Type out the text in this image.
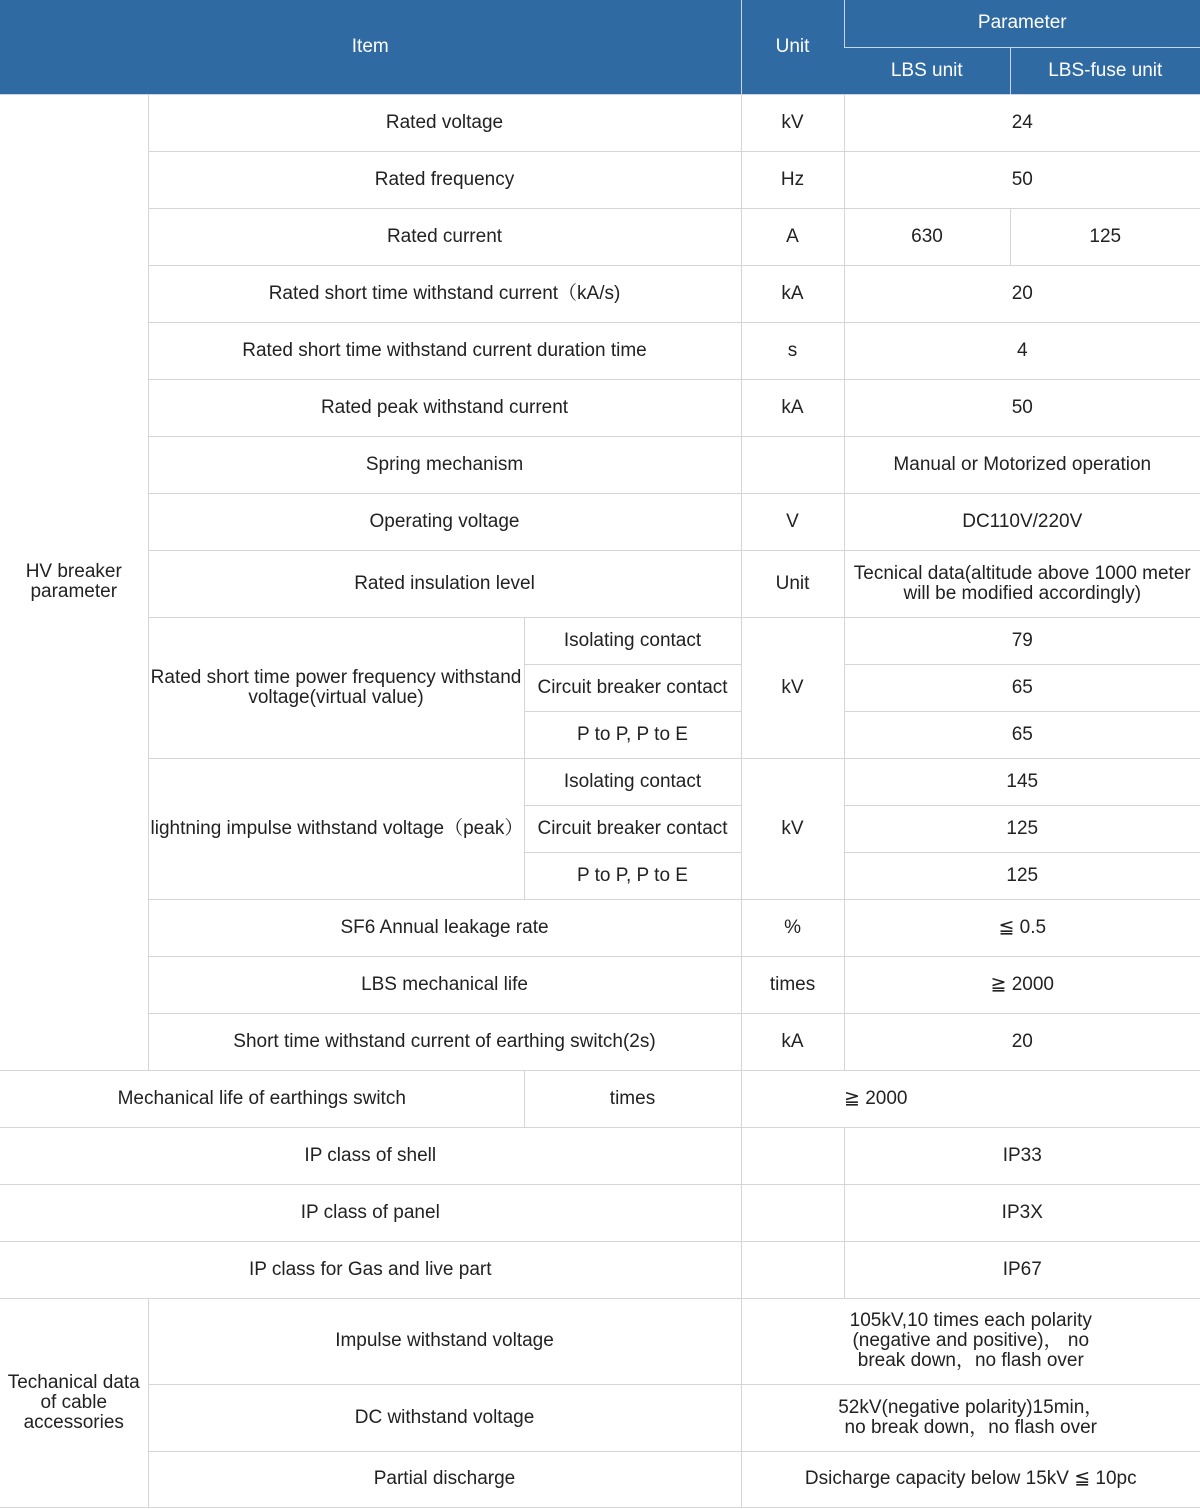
Item			Unit	Parameter	
				LBS unit	LBS-fuse unit
HV breaker parameter	Rated voltage		kV	24	
	Rated frequency		Hz	50	
	Rated current		A	630	125
	Rated short time withstand current（kA/s)		kA	20	
	Rated short time withstand current duration time		s	4	
	Rated peak withstand current		kA	50	
	Spring mechanism			Manual or Motorized operation	
	Operating voltage		V	DC110V/220V	
	Rated insulation level		Unit	Tecnical data(altitude above 1000 meter will be modified accordingly)	
	Rated short time power frequency withstand voltage(virtual value)	Isolating contact	kV	79	
		Circuit breaker contact		65	
		P to P, P to E		65	
	lightning impulse withstand voltage（peak）	Isolating contact	kV	145	
		Circuit breaker contact		125	
		P to P, P to E		125	
	SF6 Annual leakage rate		%	≦ 0.5	
	LBS mechanical life		times	≧ 2000	
	Short time withstand current of earthing switch(2s)		kA	20	
Mechanical life of earthings switch		times	≧ 2000		
IP class of shell				IP33	
IP class of panel				IP3X	
IP class for Gas and live part				IP67	
Techanical data of cable accessories	Impulse withstand voltage		105kV,10 times each polarity (negative and positive)， no break down，no flash over		
	DC withstand voltage		52kV(negative polarity)15min， no break down，no flash over		
	Partial discharge		Dsicharge capacity below 15kV ≦ 10pc		
